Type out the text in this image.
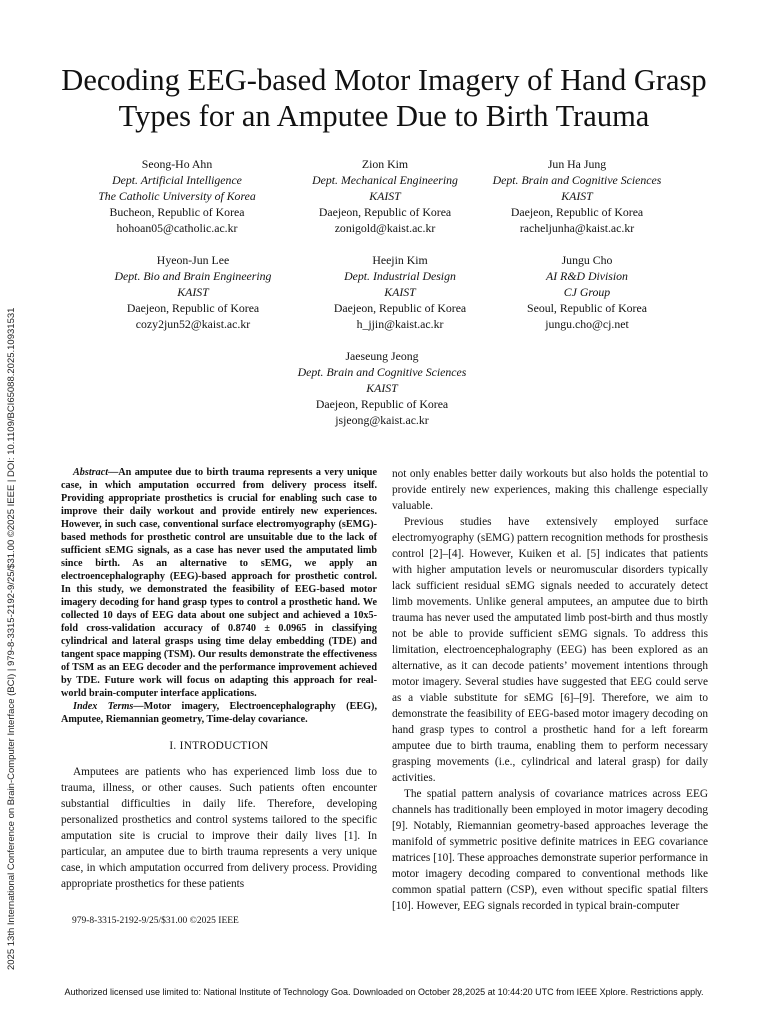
2025 13th International Conference on Brain-Computer Interface (BCI) | 979-8-3315-2192-9/25/$31.00 ©2025 IEEE | DOI: 10.1109/BCI65088.2025.10931531
Decoding EEG-based Motor Imagery of Hand Grasp Types for an Amputee Due to Birth Trauma
Seong-Ho Ahn
Dept. Artificial Intelligence
The Catholic University of Korea
Bucheon, Republic of Korea
hohoan05@catholic.ac.kr
Zion Kim
Dept. Mechanical Engineering
KAIST
Daejeon, Republic of Korea
zonigold@kaist.ac.kr
Jun Ha Jung
Dept. Brain and Cognitive Sciences
KAIST
Daejeon, Republic of Korea
racheljunha@kaist.ac.kr
Hyeon-Jun Lee
Dept. Bio and Brain Engineering
KAIST
Daejeon, Republic of Korea
cozy2jun52@kaist.ac.kr
Heejin Kim
Dept. Industrial Design
KAIST
Daejeon, Republic of Korea
h_jjin@kaist.ac.kr
Jungu Cho
AI R&D Division
CJ Group
Seoul, Republic of Korea
jungu.cho@cj.net
Jaeseung Jeong
Dept. Brain and Cognitive Sciences
KAIST
Daejeon, Republic of Korea
jsjeong@kaist.ac.kr

Abstract—An amputee due to birth trauma represents a very unique case, in which amputation occurred from delivery process itself. Providing appropriate prosthetics is crucial for enabling such case to improve their daily workout and provide entirely new experiences. However, in such case, conventional surface electromyography (sEMG)-based methods for prosthetic control are unsuitable due to the lack of sufficient sEMG signals, as a case has never used the amputated limb since birth. As an alternative to sEMG, we apply an electroencephalography (EEG)-based approach for prosthetic control. In this study, we demonstrated the feasibility of EEG-based motor imagery decoding for hand grasp types to control a prosthetic hand. We collected 10 days of EEG data about one subject and achieved a 10x5-fold cross-validation accuracy of 0.8740 ± 0.0965 in classifying cylindrical and lateral grasps using time delay embedding (TDE) and tangent space mapping (TSM). Our results demonstrate the effectiveness of TSM as an EEG decoder and the performance improvement achieved by TDE. Future work will focus on adapting this approach for real-world brain-computer interface applications.

Index Terms—Motor imagery, Electroencephalography (EEG), Amputee, Riemannian geometry, Time-delay covariance.

I. INTRODUCTION

Amputees are patients who has experienced limb loss due to trauma, illness, or other causes. Such patients often encounter substantial difficulties in daily life. Therefore, developing personalized prosthetics and control systems tailored to the specific amputation site is crucial to improve their daily lives [1]. In particular, an amputee due to birth trauma represents a very unique case, in which amputation occurred from delivery process. Providing appropriate prosthetics for these patients

979-8-3315-2192-9/25/$31.00 ©2025 IEEE

not only enables better daily workouts but also holds the potential to provide entirely new experiences, making this challenge especially valuable.

Previous studies have extensively employed surface electromyography (sEMG) pattern recognition methods for prosthesis control [2]–[4]. However, Kuiken et al. [5] indicates that patients with higher amputation levels or neuromuscular disorders typically lack sufficient residual sEMG signals needed to accurately detect limb movements. Unlike general amputees, an amputee due to birth trauma has never used the amputated limb post-birth and thus mostly not be able to provide sufficient sEMG signals. To address this limitation, electroencephalography (EEG) has been explored as an alternative, as it can decode patients’ movement intentions through motor imagery. Several studies have suggested that EEG could serve as a viable substitute for sEMG [6]–[9]. Therefore, we aim to demonstrate the feasibility of EEG-based motor imagery decoding on hand grasp types to control a prosthetic hand for a left forearm amputee due to birth trauma, enabling them to perform necessary grasping movements (i.e., cylindrical and lateral grasp) for daily activities.

The spatial pattern analysis of covariance matrices across EEG channels has traditionally been employed in motor imagery decoding [9]. Notably, Riemannian geometry-based approaches leverage the manifold of symmetric positive definite matrices in EEG covariance matrices [10]. These approaches demonstrate superior performance in motor imagery decoding compared to conventional methods like common spatial pattern (CSP), even without specific spatial filters [10]. However, EEG signals recorded in typical brain-computer

Authorized licensed use limited to: National Institute of Technology Goa. Downloaded on October 28,2025 at 10:44:20 UTC from IEEE Xplore. Restrictions apply.
